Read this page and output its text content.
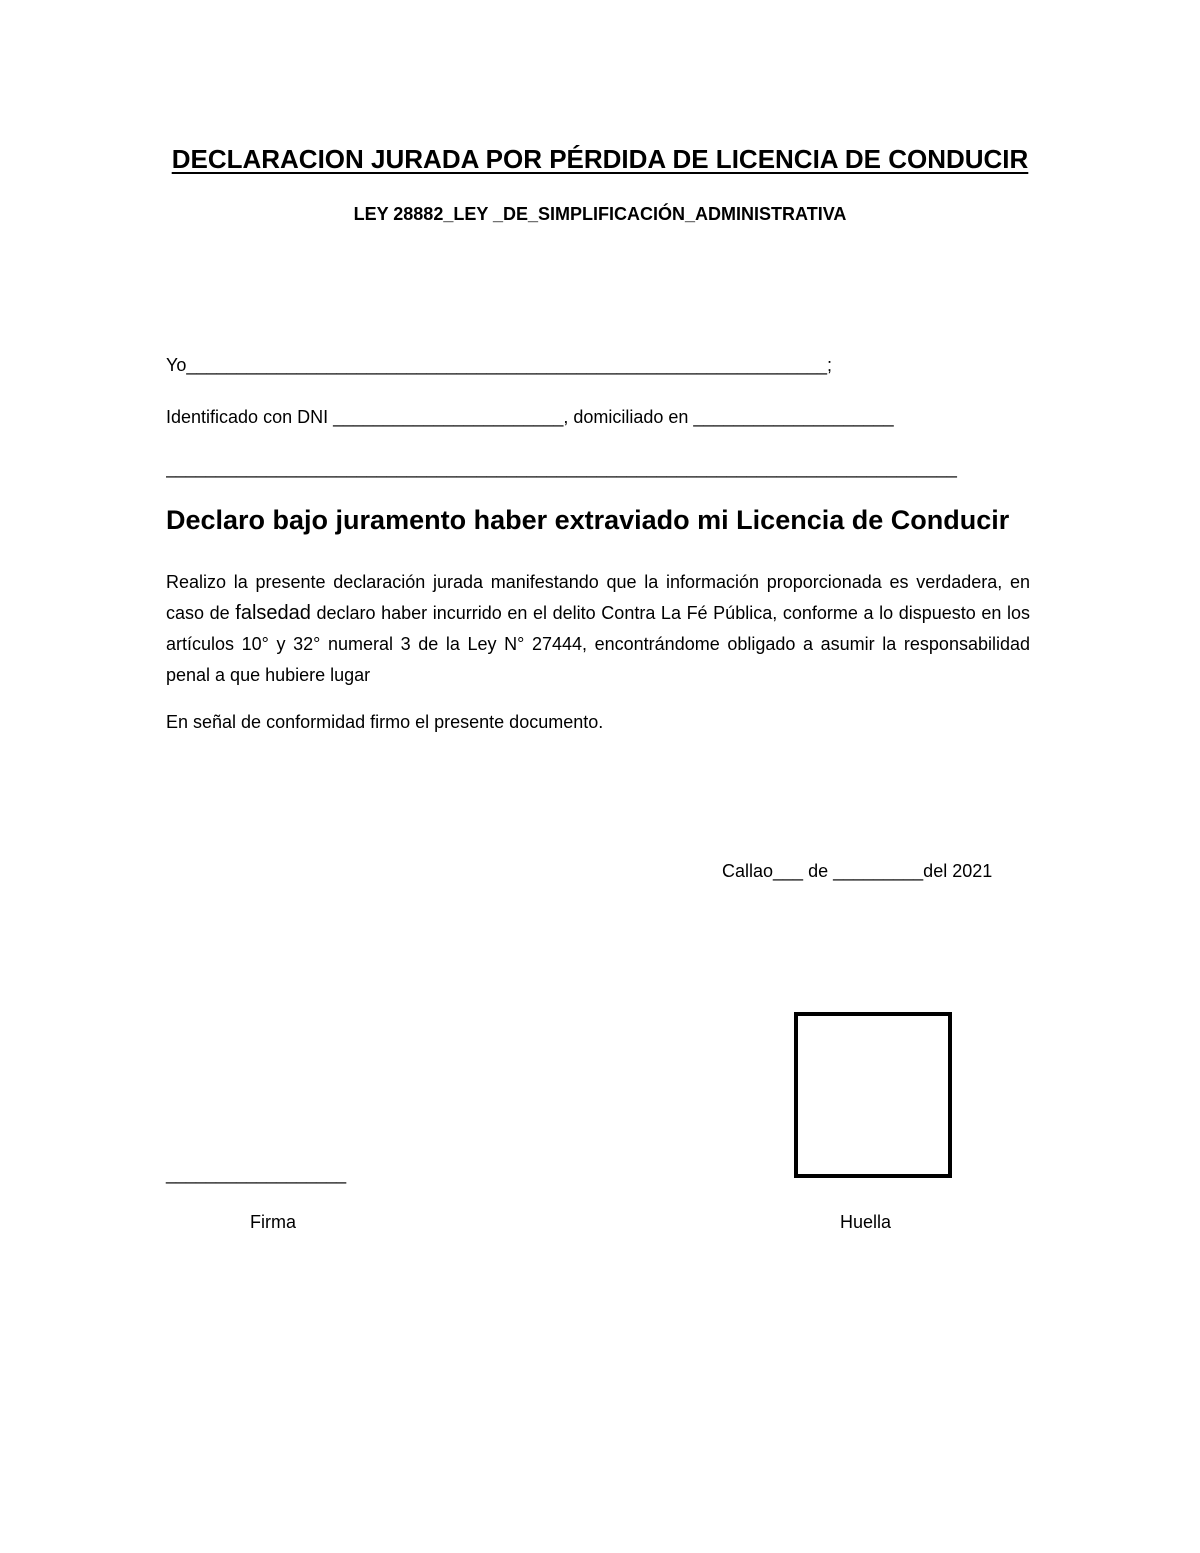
DECLARACION JURADA POR PÉRDIDA DE LICENCIA DE CONDUCIR
LEY 28882_LEY _DE_SIMPLIFICACIÓN_ADMINISTRATIVA
Yo________________________________________________________________;
Identificado con DNI _______________________, domiciliado en ____________________
_______________________________________________________________________________
Declaro bajo juramento haber extraviado mi Licencia de Conducir
Realizo la presente declaración jurada manifestando que la información proporcionada es verdadera, en caso de falsedad declaro haber incurrido en el delito Contra La Fé Pública, conforme a lo dispuesto en los artículos 10° y 32° numeral 3 de la Ley N° 27444, encontrándome obligado a asumir la responsabilidad penal a que hubiere lugar
En señal de conformidad firmo el presente documento.
Callao___ de _________del 2021
__________________
Firma	Huella
